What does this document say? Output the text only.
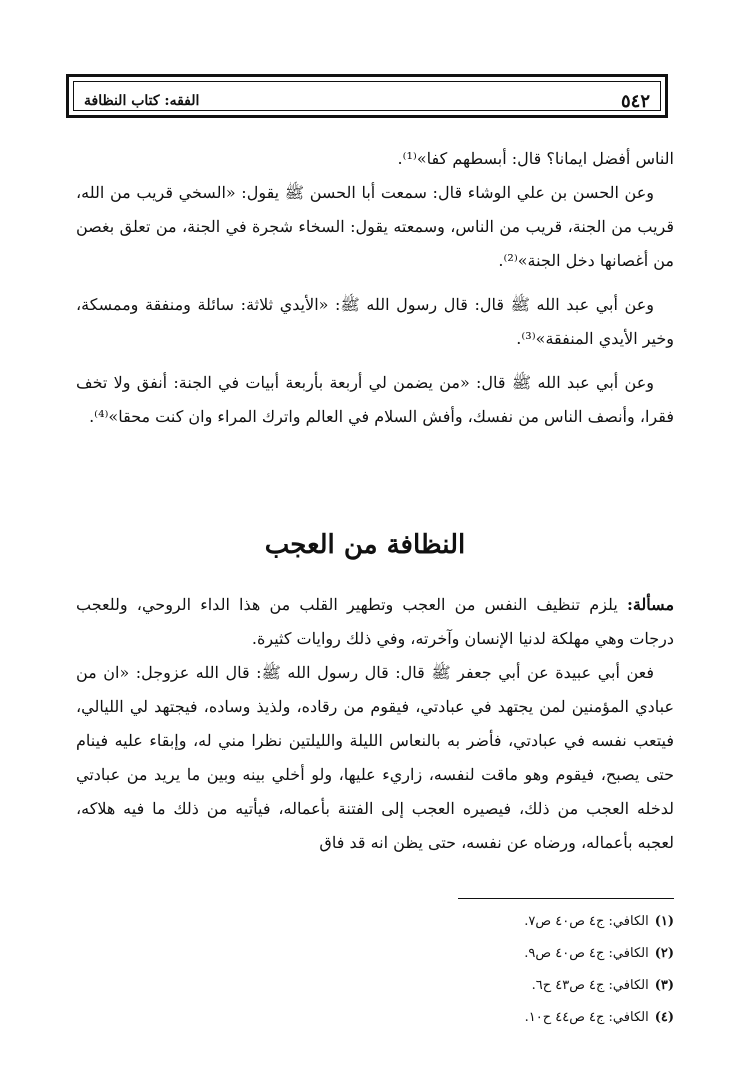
٥٤٢
الفقه: كتاب النظافة

الناس أفضل ايمانا؟ قال: أبسطهم كفا»⁽¹⁾.

وعن الحسن بن علي الوشاء قال: سمعت أبا الحسن ﷺ يقول: «السخي قريب من الله، قريب من الجنة، قريب من الناس، وسمعته يقول: السخاء شجرة في الجنة، من تعلق بغصن من أغصانها دخل الجنة»⁽²⁾.

وعن أبي عبد الله ﷺ قال: قال رسول الله ﷺ: «الأيدي ثلاثة: سائلة ومنفقة وممسكة، وخير الأيدي المنفقة»⁽³⁾.

وعن أبي عبد الله ﷺ قال: «من يضمن لي أربعة بأربعة أبيات في الجنة: أنفق ولا تخف فقرا، وأنصف الناس من نفسك، وأفش السلام في العالم واترك المراء وان كنت محقا»⁽⁴⁾.

النظافة من العجب

مسألة: يلزم تنظيف النفس من العجب وتطهير القلب من هذا الداء الروحي، وللعجب درجات وهي مهلكة لدنيا الإنسان وآخرته، وفي ذلك روايات كثيرة.

فعن أبي عبيدة عن أبي جعفر ﷺ قال: قال رسول الله ﷺ: قال الله عزوجل: «ان من عبادي المؤمنين لمن يجتهد في عبادتي، فيقوم من رقاده، ولذيذ وساده، فيجتهد لي الليالي، فيتعب نفسه في عبادتي، فأضر به بالنعاس الليلة والليلتين نظرا مني له، وإبقاء عليه فينام حتى يصبح، فيقوم وهو ماقت لنفسه، زاريء عليها، ولو أخلي بينه وبين ما يريد من عبادتي لدخله العجب من ذلك، فيصيره العجب إلى الفتنة بأعماله، فيأتيه من ذلك ما فيه هلاكه، لعجبه بأعماله، ورضاه عن نفسه، حتى يظن انه قد فاق

(١)
الكافي: ج٤ ص٤٠ ص٧.
(٢)
الكافي: ج٤ ص٤٠ ص٩.
(٣)
الكافي: ج٤ ص٤٣ ح٦.
(٤)
الكافي: ج٤ ص٤٤ ح١٠.
